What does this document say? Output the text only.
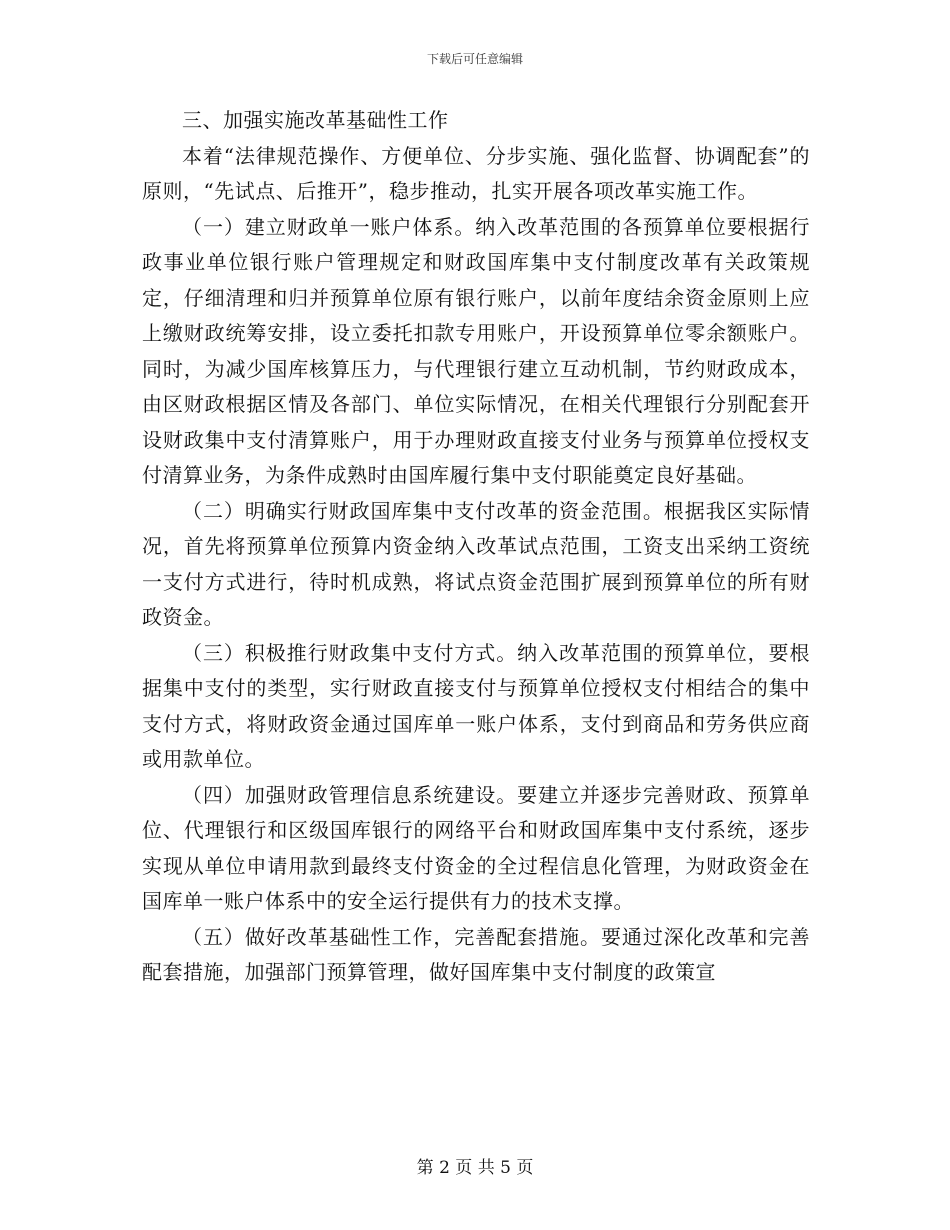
下载后可任意编辑

三、加强实施改革基础性工作

本着“法律规范操作、方便单位、分步实施、强化监督、协调配套”的原则，“先试点、后推开”，稳步推动，扎实开展各项改革实施工作。

（一）建立财政单一账户体系。纳入改革范围的各预算单位要根据行政事业单位银行账户管理规定和财政国库集中支付制度改革有关政策规定，仔细清理和归并预算单位原有银行账户，以前年度结余资金原则上应上缴财政统筹安排，设立委托扣款专用账户，开设预算单位零余额账户。同时，为减少国库核算压力，与代理银行建立互动机制，节约财政成本，由区财政根据区情及各部门、单位实际情况，在相关代理银行分别配套开设财政集中支付清算账户，用于办理财政直接支付业务与预算单位授权支付清算业务，为条件成熟时由国库履行集中支付职能奠定良好基础。

（二）明确实行财政国库集中支付改革的资金范围。根据我区实际情况，首先将预算单位预算内资金纳入改革试点范围，工资支出采纳工资统一支付方式进行，待时机成熟，将试点资金范围扩展到预算单位的所有财政资金。

（三）积极推行财政集中支付方式。纳入改革范围的预算单位，要根据集中支付的类型，实行财政直接支付与预算单位授权支付相结合的集中支付方式，将财政资金通过国库单一账户体系，支付到商品和劳务供应商或用款单位。

（四）加强财政管理信息系统建设。要建立并逐步完善财政、预算单位、代理银行和区级国库银行的网络平台和财政国库集中支付系统，逐步实现从单位申请用款到最终支付资金的全过程信息化管理，为财政资金在国库单一账户体系中的安全运行提供有力的技术支撑。

（五）做好改革基础性工作，完善配套措施。要通过深化改革和完善配套措施，加强部门预算管理，做好国库集中支付制度的政策宣

第 2 页 共 5 页
